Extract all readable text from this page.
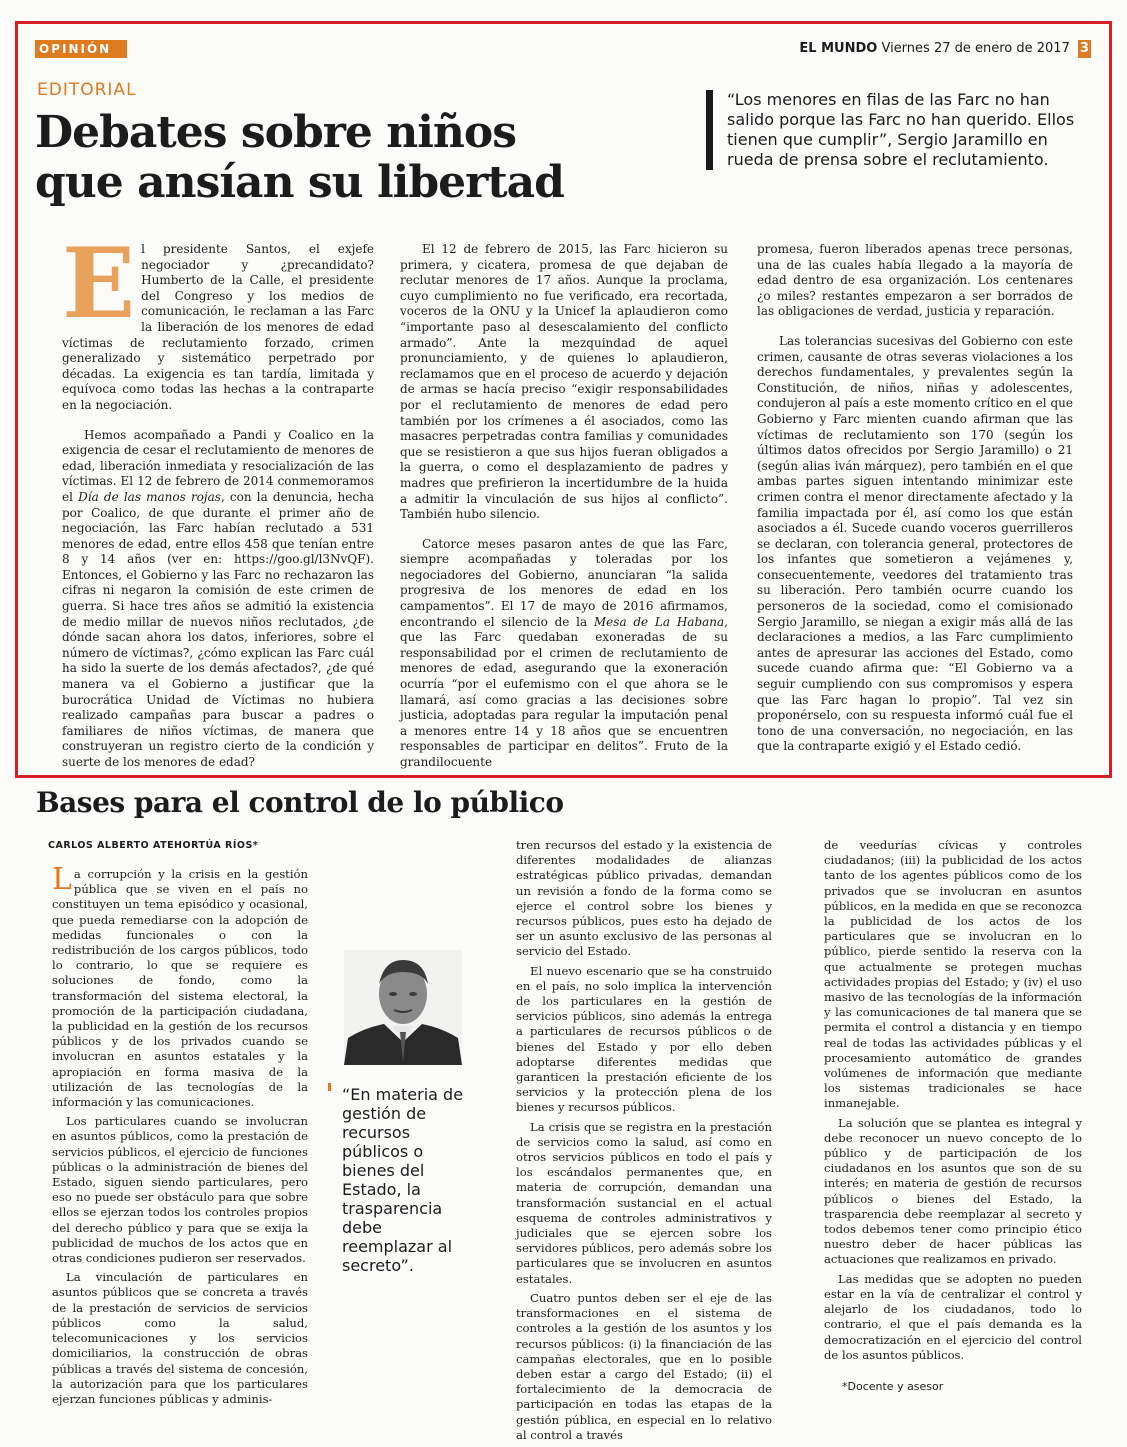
OPINIÓN	EL MUNDO Viernes 27 de enero de 2017 3
EDITORIAL
Debates sobre niños
que ansían su libertad
“Los menores en filas de las Farc no han salido porque las Farc no han querido. Ellos tienen que cumplir”, Sergio Jaramillo en rueda de prensa sobre el reclutamiento.

El presidente Santos, el exjefe negociador y ¿precandidato? Humberto de la Calle, el presidente del Congreso y los medios de comunicación, le reclaman a las Farc la liberación de los menores de edad víctimas de reclutamiento forzado, crimen generalizado y sistemático perpetrado por décadas. La exigencia es tan tardía, limitada y equívoca como todas las hechas a la contraparte en la negociación.

Hemos acompañado a Pandi y Coalico en la exigencia de cesar el reclutamiento de menores de edad, liberación inmediata y resocialización de las víctimas. El 12 de febrero de 2014 conmemoramos el Día de las manos rojas, con la denuncia, hecha por Coalico, de que durante el primer año de negociación, las Farc habían reclutado a 531 menores de edad, entre ellos 458 que tenían entre 8 y 14 años (ver en: https://goo.gl/l3NvQF). Entonces, el Gobierno y las Farc no rechazaron las cifras ni negaron la comisión de este crimen de guerra. Si hace tres años se admitió la existencia de medio millar de nuevos niños reclutados, ¿de dónde sacan ahora los datos, inferiores, sobre el número de víctimas?, ¿cómo explican las Farc cuál ha sido la suerte de los demás afectados?, ¿de qué manera va el Gobierno a justificar que la burocrática Unidad de Víctimas no hubiera realizado campañas para buscar a padres o familiares de niños víctimas, de manera que construyeran un registro cierto de la condición y suerte de los menores de edad?

El 12 de febrero de 2015, las Farc hicieron su primera, y cicatera, promesa de que dejaban de reclutar menores de 17 años. Aunque la proclama, cuyo cumplimiento no fue verificado, era recortada, voceros de la ONU y la Unicef la aplaudieron como “importante paso al desescalamiento del conflicto armado”. Ante la mezquindad de aquel pronunciamiento, y de quienes lo aplaudieron, reclamamos que en el proceso de acuerdo y dejación de armas se hacía preciso “exigir responsabilidades por el reclutamiento de menores de edad pero también por los crímenes a él asociados, como las masacres perpetradas contra familias y comunidades que se resistieron a que sus hijos fueran obligados a la guerra, o como el desplazamiento de padres y madres que prefirieron la incertidumbre de la huida a admitir la vinculación de sus hijos al conflicto”. También hubo silencio.

Catorce meses pasaron antes de que las Farc, siempre acompañadas y toleradas por los negociadores del Gobierno, anunciaran “la salida progresiva de los menores de edad en los campamentos”. El 17 de mayo de 2016 afirmamos, encontrando el silencio de la Mesa de La Habana, que las Farc quedaban exoneradas de su responsabilidad por el crimen de reclutamiento de menores de edad, asegurando que la exoneración ocurría “por el eufemismo con el que ahora se le llamará, así como gracias a las decisiones sobre justicia, adoptadas para regular la imputación penal a menores entre 14 y 18 años que se encuentren responsables de participar en delitos”. Fruto de la grandilocuente

promesa, fueron liberados apenas trece personas, una de las cuales había llegado a la mayoría de edad dentro de esa organización. Los centenares ¿o miles? restantes empezaron a ser borrados de las obligaciones de verdad, justicia y reparación.

Las tolerancias sucesivas del Gobierno con este crimen, causante de otras severas violaciones a los derechos fundamentales, y prevalentes según la Constitución, de niños, niñas y adolescentes, condujeron al país a este momento crítico en el que Gobierno y Farc mienten cuando afirman que las víctimas de reclutamiento son 170 (según los últimos datos ofrecidos por Sergio Jaramillo) o 21 (según alias iván márquez), pero también en el que ambas partes siguen intentando minimizar este crimen contra el menor directamente afectado y la familia impactada por él, así como los que están asociados a él. Sucede cuando voceros guerrilleros se declaran, con tolerancia general, protectores de los infantes que sometieron a vejámenes y, consecuentemente, veedores del tratamiento tras su liberación. Pero también ocurre cuando los personeros de la sociedad, como el comisionado Sergio Jaramillo, se niegan a exigir más allá de las declaraciones a medios, a las Farc cumplimiento antes de apresurar las acciones del Estado, como sucede cuando afirma que: “El Gobierno va a seguir cumpliendo con sus compromisos y espera que las Farc hagan lo propio”. Tal vez sin proponérselo, con su respuesta informó cuál fue el tono de una conversación, no negociación, en las que la contraparte exigió y el Estado cedió.

Bases para el control de lo público
CARLOS ALBERTO ATEHORTÚA RÍOS*

La corrupción y la crisis en la gestión pública que se viven en el país no constituyen un tema episódico y ocasional, que pueda remediarse con la adopción de medidas funcionales o con la redistribución de los cargos públicos, todo lo contrario, lo que se requiere es soluciones de fondo, como la transformación del sistema electoral, la promoción de la participación ciudadana, la publicidad en la gestión de los recursos públicos y de los privados cuando se involucran en asuntos estatales y la apropiación en forma masiva de la utilización de las tecnologías de la información y las comunicaciones.

Los particulares cuando se involucran en asuntos públicos, como la prestación de servicios públicos, el ejercicio de funciones públicas o la administración de bienes del Estado, siguen siendo particulares, pero eso no puede ser obstáculo para que sobre ellos se ejerzan todos los controles propios del derecho público y para que se exija la publicidad de muchos de los actos que en otras condiciones pudieron ser reservados.

La vinculación de particulares en asuntos públicos que se concreta a través de la prestación de servicios de servicios públicos como la salud, telecomunicaciones y los servicios domiciliarios, la construcción de obras públicas a través del sistema de concesión, la autorización para que los particulares ejerzan funciones públicas y adminis-

“En materia de gestión de recursos públicos o bienes del Estado, la trasparencia debe reemplazar al secreto”.

tren recursos del estado y la existencia de diferentes modalidades de alianzas estratégicas público privadas, demandan un revisión a fondo de la forma como se ejerce el control sobre los bienes y recursos públicos, pues esto ha dejado de ser un asunto exclusivo de las personas al servicio del Estado.

El nuevo escenario que se ha construido en el país, no solo implica la intervención de los particulares en la gestión de servicios públicos, sino además la entrega a particulares de recursos públicos o de bienes del Estado y por ello deben adoptarse diferentes medidas que garanticen la prestación eficiente de los servicios y la protección plena de los bienes y recursos públicos.

La crisis que se registra en la prestación de servicios como la salud, así como en otros servicios públicos en todo el país y los escándalos permanentes que, en materia de corrupción, demandan una transformación sustancial en el actual esquema de controles administrativos y judiciales que se ejercen sobre los servidores públicos, pero además sobre los particulares que se involucren en asuntos estatales.

Cuatro puntos deben ser el eje de las transformaciones en el sistema de controles a la gestión de los asuntos y los recursos públicos: (i) la financiación de las campañas electorales, que en lo posible deben estar a cargo del Estado; (ii) el fortalecimiento de la democracia de participación en todas las etapas de la gestión pública, en especial en lo relativo al control a través

de veedurías cívicas y controles ciudadanos; (iii) la publicidad de los actos tanto de los agentes públicos como de los privados que se involucran en asuntos públicos, en la medida en que se reconozca la publicidad de los actos de los particulares que se involucran en lo público, pierde sentido la reserva con la que actualmente se protegen muchas actividades propias del Estado; y (iv) el uso masivo de las tecnologías de la información y las comunicaciones de tal manera que se permita el control a distancia y en tiempo real de todas las actividades públicas y el procesamiento automático de grandes volúmenes de información que mediante los sistemas tradicionales se hace inmanejable.

La solución que se plantea es integral y debe reconocer un nuevo concepto de lo público y de participación de los ciudadanos en los asuntos que son de su interés; en materia de gestión de recursos públicos o bienes del Estado, la trasparencia debe reemplazar al secreto y todos debemos tener como principio ético nuestro deber de hacer públicas las actuaciones que realizamos en privado.

Las medidas que se adopten no pueden estar en la vía de centralizar el control y alejarlo de los ciudadanos, todo lo contrario, el que el país demanda es la democratización en el ejercicio del control de los asuntos públicos.

*Docente y asesor
